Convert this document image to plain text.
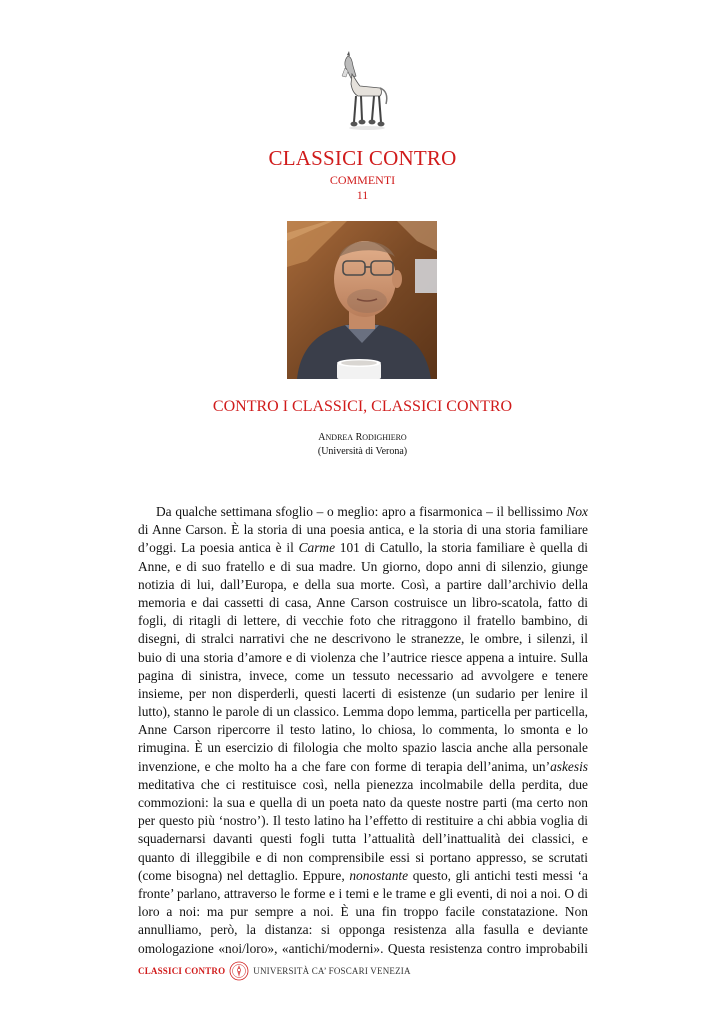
CLASSICI CONTRO
COMMENTI
11
CONTRO I CLASSICI, CLASSICI CONTRO
ANDREA RODIGHIERO
(Università di Verona)
Da qualche settimana sfoglio – o meglio: apro a fisarmonica – il bellissimo Nox
di Anne Carson. È la storia di una poesia antica, e la storia di una storia familiare
d’oggi. La poesia antica è il Carme 101 di Catullo, la storia familiare è quella di
Anne, e di suo fratello e di sua madre. Un giorno, dopo anni di silenzio, giunge
notizia di lui, dall’Europa, e della sua morte. Così, a partire dall’archivio della
memoria e dai cassetti di casa, Anne Carson costruisce un libro-scatola, fatto di
fogli, di ritagli di lettere, di vecchie foto che ritraggono il fratello bambino, di
disegni, di stralci narrativi che ne descrivono le stranezze, le ombre, i silenzi, il
buio di una storia d’amore e di violenza che l’autrice riesce appena a intuire. Sulla
pagina di sinistra, invece, come un tessuto necessario ad avvolgere e tenere
insieme, per non disperderli, questi lacerti di esistenze (un sudario per lenire il
lutto), stanno le parole di un classico. Lemma dopo lemma, particella per particella,
Anne Carson ripercorre il testo latino, lo chiosa, lo commenta, lo smonta e lo
rimugina. È un esercizio di filologia che molto spazio lascia anche alla personale
invenzione, e che molto ha a che fare con forme di terapia dell’anima, un’askesis
meditativa che ci restituisce così, nella pienezza incolmabile della perdita, due
commozioni: la sua e quella di un poeta nato da queste nostre parti (ma certo non
per questo più ‘nostro’). Il testo latino ha l’effetto di restituire a chi abbia voglia di
squadernarsi davanti questi fogli tutta l’attualità dell’inattualità dei classici, e
quanto di illeggibile e di non comprensibile essi si portano appresso, se scrutati
(come bisogna) nel dettaglio. Eppure, nonostante questo, gli antichi testi messi ‘a
fronte’ parlano, attraverso le forme e i temi e le trame e gli eventi, di noi a noi. O di
loro a noi: ma pur sempre a noi. È una fin troppo facile constatazione. Non
annulliamo, però, la distanza: si opponga resistenza alla fasulla e deviante
omologazione «noi/loro», «antichi/moderni». Questa resistenza contro improbabili
CLASSICI CONTRO	UNIVERSITÀ CA’ FOSCARI VENEZIA
